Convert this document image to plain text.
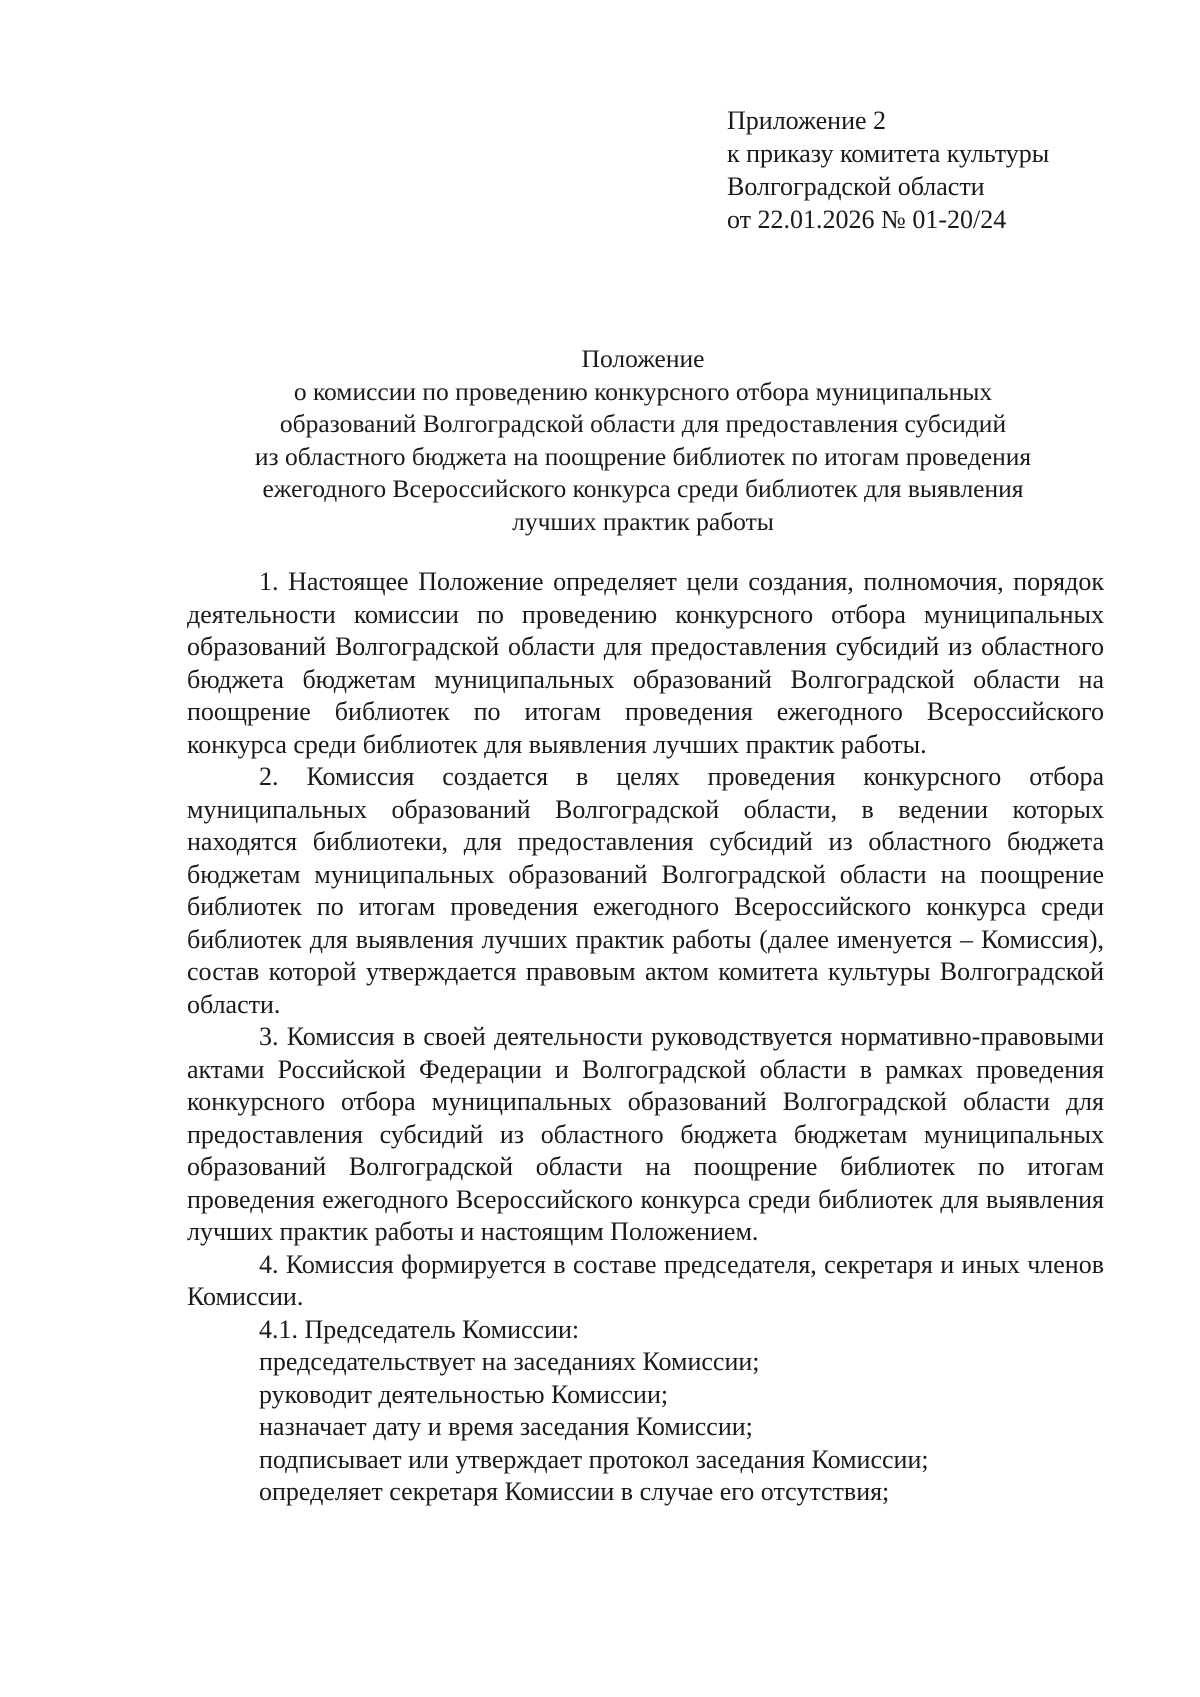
Приложение 2
к приказу комитета культуры
Волгоградской области
от 22.01.2026 № 01-20/24
Положение
о комиссии по проведению конкурсного отбора муниципальных
образований Волгоградской области для предоставления субсидий
из областного бюджета на поощрение библиотек по итогам проведения
ежегодного Всероссийского конкурса среди библиотек для выявления
лучших практик работы

1. Настоящее Положение определяет цели создания, полномочия, порядок деятельности комиссии по проведению конкурсного отбора муниципальных образований Волгоградской области для предоставления субсидий из областного бюджета бюджетам муниципальных образований Волгоградской области на поощрение библиотек по итогам проведения ежегодного Всероссийского конкурса среди библиотек для выявления лучших практик работы.

2. Комиссия создается в целях проведения конкурсного отбора муниципальных образований Волгоградской области, в ведении которых находятся библиотеки, для предоставления субсидий из областного бюджета бюджетам муниципальных образований Волгоградской области на поощрение библиотек по итогам проведения ежегодного Всероссийского конкурса среди библиотек для выявления лучших практик работы (далее именуется – Комиссия), состав которой утверждается правовым актом комитета культуры Волгоградской области.

3. Комиссия в своей деятельности руководствуется нормативно-правовыми актами Российской Федерации и Волгоградской области в рамках проведения конкурсного отбора муниципальных образований Волгоградской области для предоставления субсидий из областного бюджета бюджетам муниципальных образований Волгоградской области на поощрение библиотек по итогам проведения ежегодного Всероссийского конкурса среди библиотек для выявления лучших практик работы и настоящим Положением.

4. Комиссия формируется в составе председателя, секретаря и иных членов Комиссии.

4.1. Председатель Комиссии:

председательствует на заседаниях Комиссии;

руководит деятельностью Комиссии;

назначает дату и время заседания Комиссии;

подписывает или утверждает протокол заседания Комиссии;

определяет секретаря Комиссии в случае его отсутствия;
